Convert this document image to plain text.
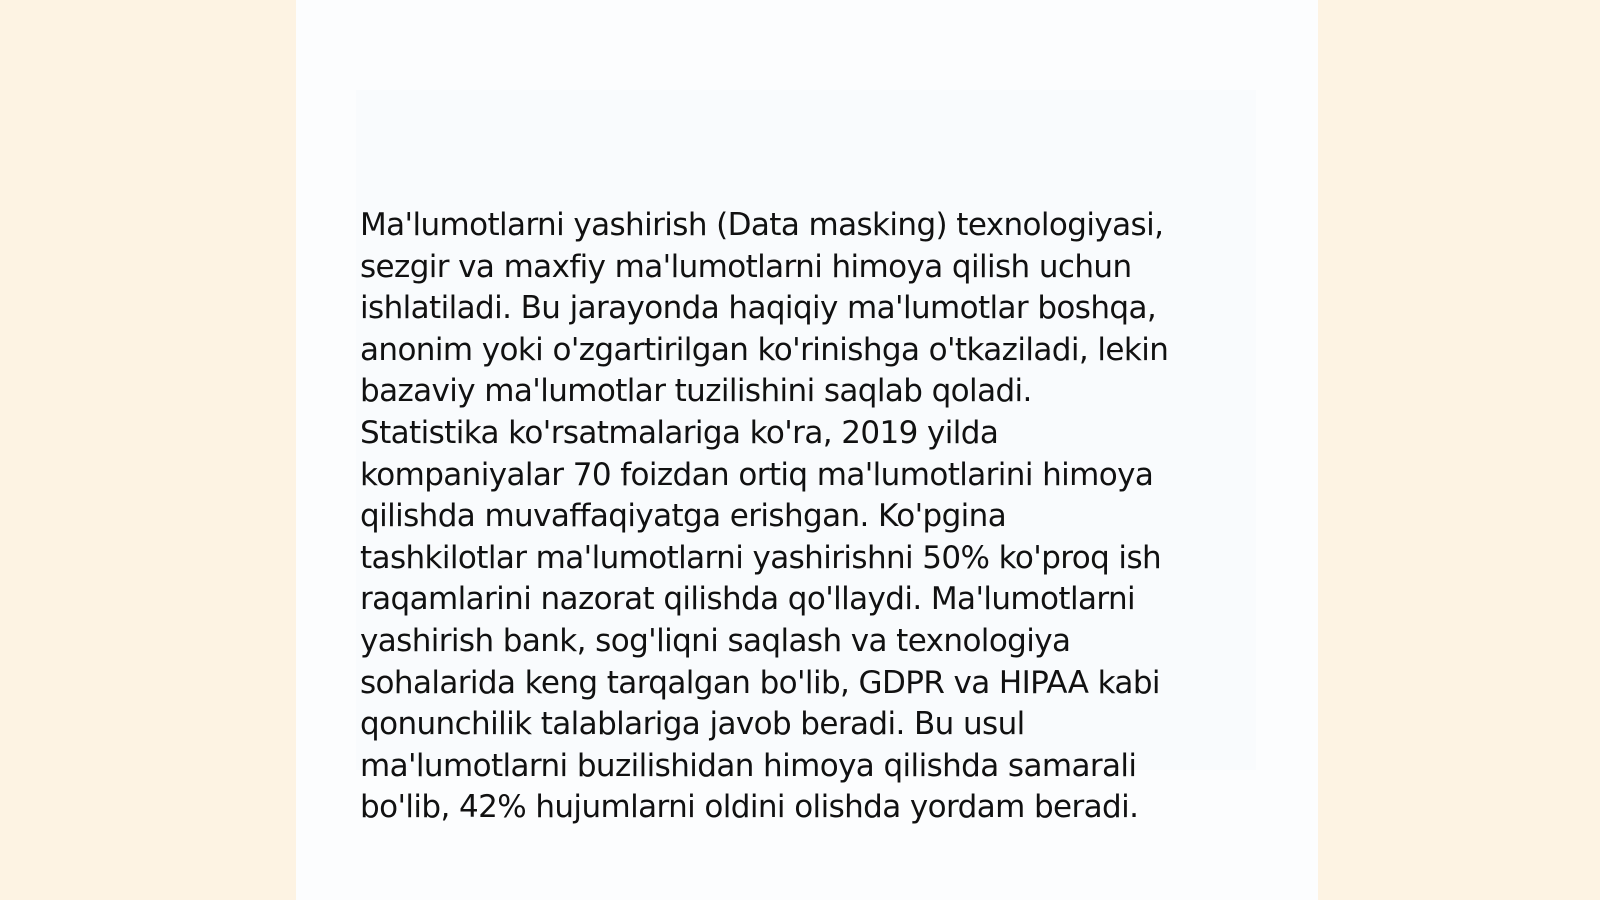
Ma'lumotlarni yashirish (Data masking) texnologiyasi,
sezgir va maxfiy ma'lumotlarni himoya qilish uchun
ishlatiladi. Bu jarayonda haqiqiy ma'lumotlar boshqa,
anonim yoki o'zgartirilgan ko'rinishga o'tkaziladi, lekin
bazaviy ma'lumotlar tuzilishini saqlab qoladi.
Statistika ko'rsatmalariga ko'ra, 2019 yilda
kompaniyalar 70 foizdan ortiq ma'lumotlarini himoya
qilishda muvaffaqiyatga erishgan. Ko'pgina
tashkilotlar ma'lumotlarni yashirishni 50% ko'proq ish
raqamlarini nazorat qilishda qo'llaydi. Ma'lumotlarni
yashirish bank, sog'liqni saqlash va texnologiya
sohalarida keng tarqalgan bo'lib, GDPR va HIPAA kabi
qonunchilik talablariga javob beradi. Bu usul
ma'lumotlarni buzilishidan himoya qilishda samarali
bo'lib, 42% hujumlarni oldini olishda yordam beradi.
